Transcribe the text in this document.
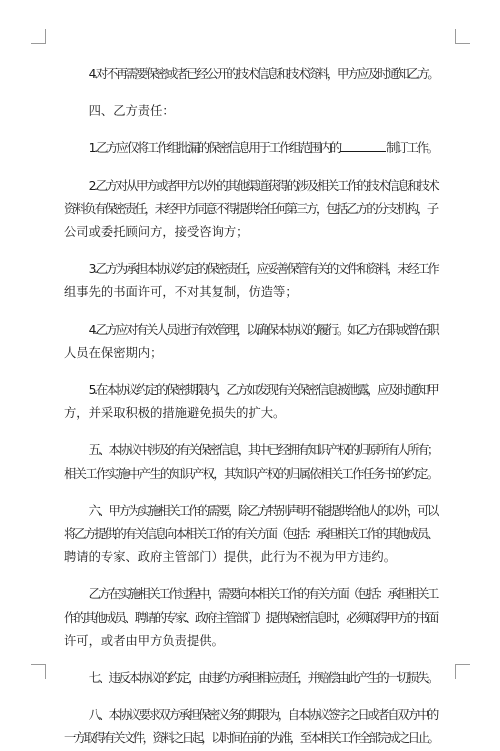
4.对不再需要保密或者已经公开的技术信息和技术资料，甲方应及时通知乙方。

四、乙方责任：

1.乙方应仅将工作组批漏的保密信息用于工作组范围内的	制订工作。

2.乙方对从甲方或者甲方以外的其他渠道获得的涉及相关工作的技术信息和技术

资料负有保密责任，未经甲方同意不得提供给任何第三方，包括乙方的分支机构，子

公司或委托顾问方，接受咨询方；

3.乙方为承担本协议约定的保密责任，应妥善保管有关的文件和资料，未经工作

组事先的书面许可，不对其复制，仿造等；

4.乙方应对有关人员进行有效管理，以确保本协议的履行。如乙方在职或曾在职

人员在保密期内；

5.在本协议约定的保密期限内，乙方如发现有关保密信息被泄露，应及时通知甲

方，并采取积极的措施避免损失的扩大。

五、本协议中涉及的有关保密信息，其中已经拥有知识产权的归原所有人所有；

相关工作实施中产生的知识产权，其知识产权的归属依相关工作任务书的约定。

六、甲方为实施相关工作的需要，除乙方特别声明不能提供给他人的以外，可以

将乙方提供的有关信息向本相关工作的有关方面（包括：承担相关工作的其他成员、

聘请的专家、政府主管部门）提供，此行为不视为甲方违约。

乙方在实施相关工作过程中，需要向本相关工作的有关方面（包括：承担相关工

作的其他成员、聘请的专家、政府主管部门）提供保密信息时，必须取得甲方的书面

许可，或者由甲方负责提供。

七、违反本协议的约定，由违约方承担相应责任，并赔偿由此产生的一切损失。

八、本协议要求双方承担保密义务的期限为，自本协议签字之日或者自双方中的

一方取得有关文件，资料之日起，以时间在前的为准，至本相关工作全部完成之日止。
